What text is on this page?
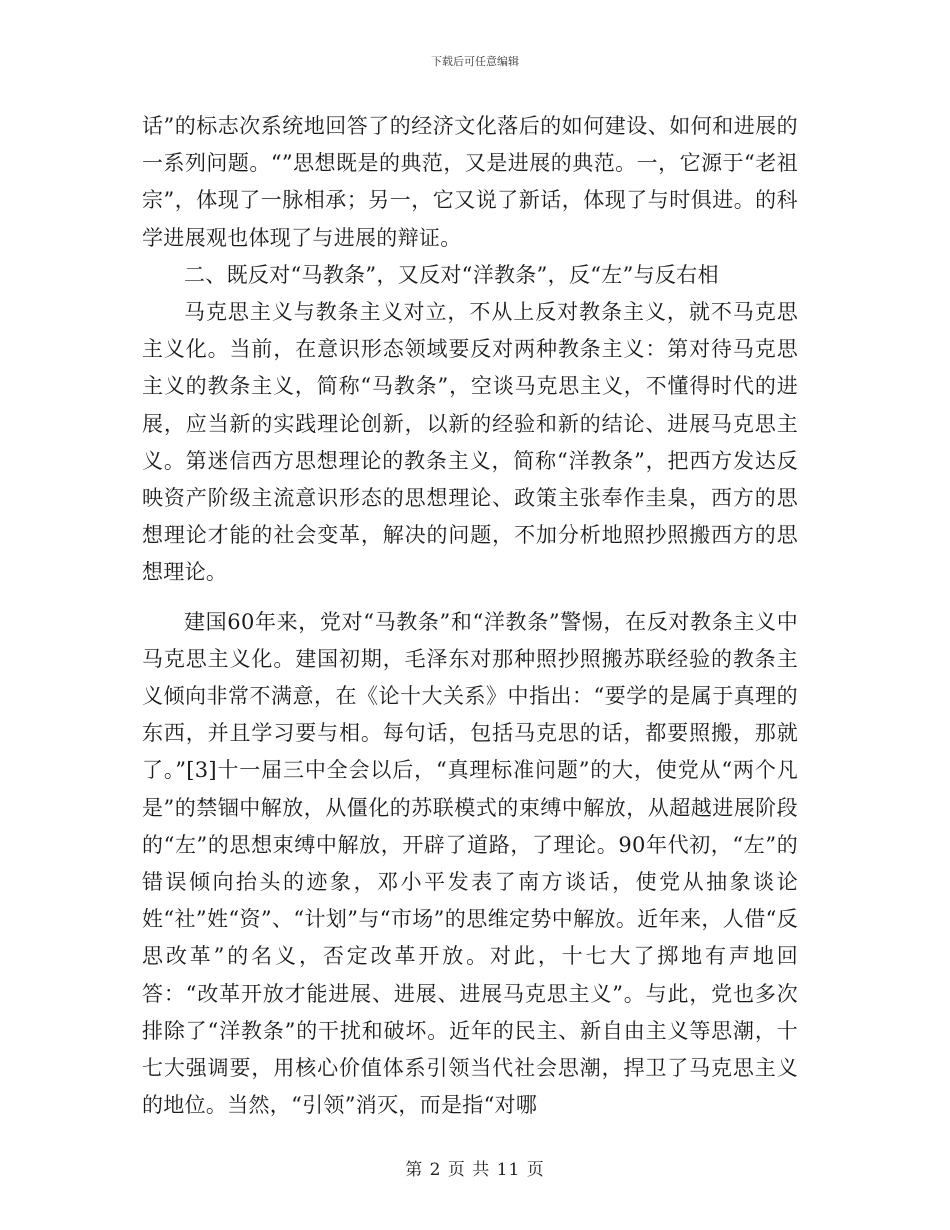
下载后可任意编辑

话”的标志次系统地回答了的经济文化落后的如何建设、如何和进展的一系列问题。“”思想既是的典范，又是进展的典范。一，它源于“老祖宗”，体现了一脉相承；另一，它又说了新话，体现了与时俱进。的科学进展观也体现了与进展的辩证。

二、既反对“马教条”，又反对“洋教条”，反“左”与反右相

马克思主义与教条主义对立，不从上反对教条主义，就不马克思主义化。当前，在意识形态领域要反对两种教条主义：第对待马克思主义的教条主义，简称“马教条”，空谈马克思主义，不懂得时代的进展，应当新的实践理论创新，以新的经验和新的结论、进展马克思主义。第迷信西方思想理论的教条主义，简称“洋教条”，把西方发达反映资产阶级主流意识形态的思想理论、政策主张奉作圭臬，西方的思想理论才能的社会变革，解决的问题，不加分析地照抄照搬西方的思想理论。

建国60年来，党对“马教条”和“洋教条”警惕，在反对教条主义中马克思主义化。建国初期，毛泽东对那种照抄照搬苏联经验的教条主义倾向非常不满意，在《论十大关系》中指出：“要学的是属于真理的东西，并且学习要与相。每句话，包括马克思的话，都要照搬，那就了。”[3]十一届三中全会以后，“真理标准问题”的大，使党从“两个凡是”的禁锢中解放，从僵化的苏联模式的束缚中解放，从超越进展阶段的“左”的思想束缚中解放，开辟了道路，了理论。90年代初，“左”的错误倾向抬头的迹象，邓小平发表了南方谈话，使党从抽象谈论姓“社”姓“资”、“计划”与“市场”的思维定势中解放。近年来，人借“反思改革”的名义，否定改革开放。对此，十七大了掷地有声地回答：“改革开放才能进展、进展、进展马克思主义”。与此，党也多次排除了“洋教条”的干扰和破坏。近年的民主、新自由主义等思潮，十七大强调要，用核心价值体系引领当代社会思潮，捍卫了马克思主义的地位。当然，“引领”消灭，而是指“对哪

第 2 页 共 11 页
